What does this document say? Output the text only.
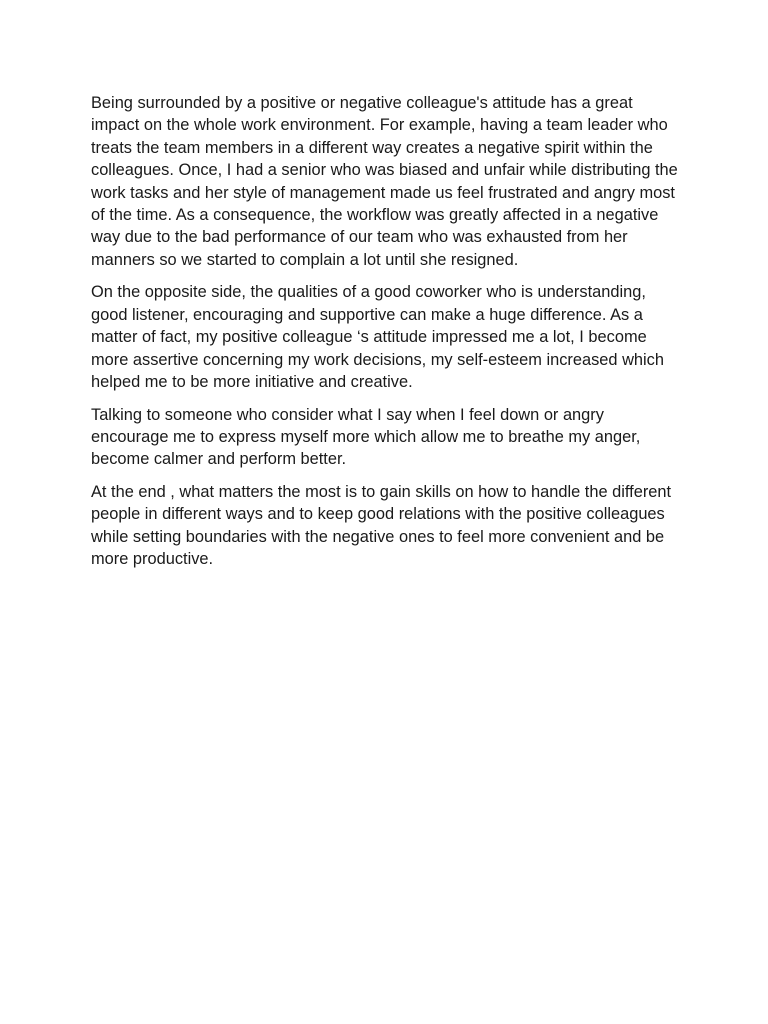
Being surrounded by a positive or negative colleague's attitude has a great impact on the whole work environment. For example, having a team leader who treats the team members in a different way creates a negative spirit within the colleagues. Once, I had a senior who was biased and unfair while distributing the work tasks and her style of management made us feel frustrated and angry most of the time. As a consequence, the workflow was greatly affected in a negative way due to the bad performance of our team who was exhausted from her manners so we started to complain a lot until she resigned.

On the opposite side, the qualities of a good coworker who is understanding, good listener, encouraging and supportive can make a huge difference. As a matter of fact, my positive colleague ‘s attitude impressed me a lot, I become more assertive concerning my work decisions, my self-esteem increased which helped me to be more initiative and creative.

Talking to someone who consider what I say when I feel down or angry encourage me to express myself more which allow me to breathe my anger, become calmer and perform better.

At the end , what matters the most is to gain skills on how to handle the different people in different ways and to keep good relations with the positive colleagues while setting boundaries with the negative ones to feel more convenient and be more productive.
